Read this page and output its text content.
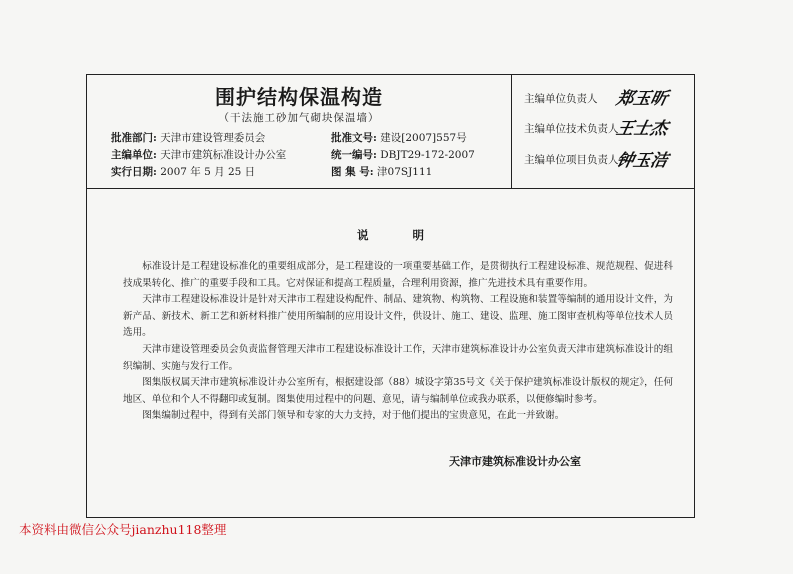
围护结构保温构造
（干法施工砂加气砌块保温墙）
批准部门: 天津市建设管理委员会
主编单位: 天津市建筑标准设计办公室
实行日期: 2007 年 5 月 25 日
批准文号: 建设[2007]557号
统一编号: DBJT29-172-2007
图 集 号: 津07SJ111
主编单位负责人 郑玉昕
主编单位技术负责人
王士杰
主编单位项目负责人
钟玉洁
说明

标准设计是工程建设标准化的重要组成部分，是工程建设的一项重要基础工作，是贯彻执行工程建设标准、规范规程、促进科技成果转化、推广的重要手段和工具。它对保证和提高工程质量，合理利用资源，推广先进技术具有重要作用。

天津市工程建设标准设计是针对天津市工程建设构配件、制品、建筑物、构筑物、工程设施和装置等编制的通用设计文件，为新产品、新技术、新工艺和新材料推广使用所编制的应用设计文件，供设计、施工、建设、监理、施工图审查机构等单位技术人员选用。

天津市建设管理委员会负责监督管理天津市工程建设标准设计工作，天津市建筑标准设计办公室负责天津市建筑标准设计的组织编制、实施与发行工作。

图集版权属天津市建筑标准设计办公室所有，根据建设部（88）城设字第35号文《关于保护建筑标准设计版权的规定》，任何地区、单位和个人不得翻印或复制。图集使用过程中的问题、意见，请与编制单位或我办联系，以便修编时参考。

图集编制过程中，得到有关部门领导和专家的大力支持，对于他们提出的宝贵意见，在此一并致谢。

天津市建筑标准设计办公室
本资料由微信公众号jianzhu118整理
